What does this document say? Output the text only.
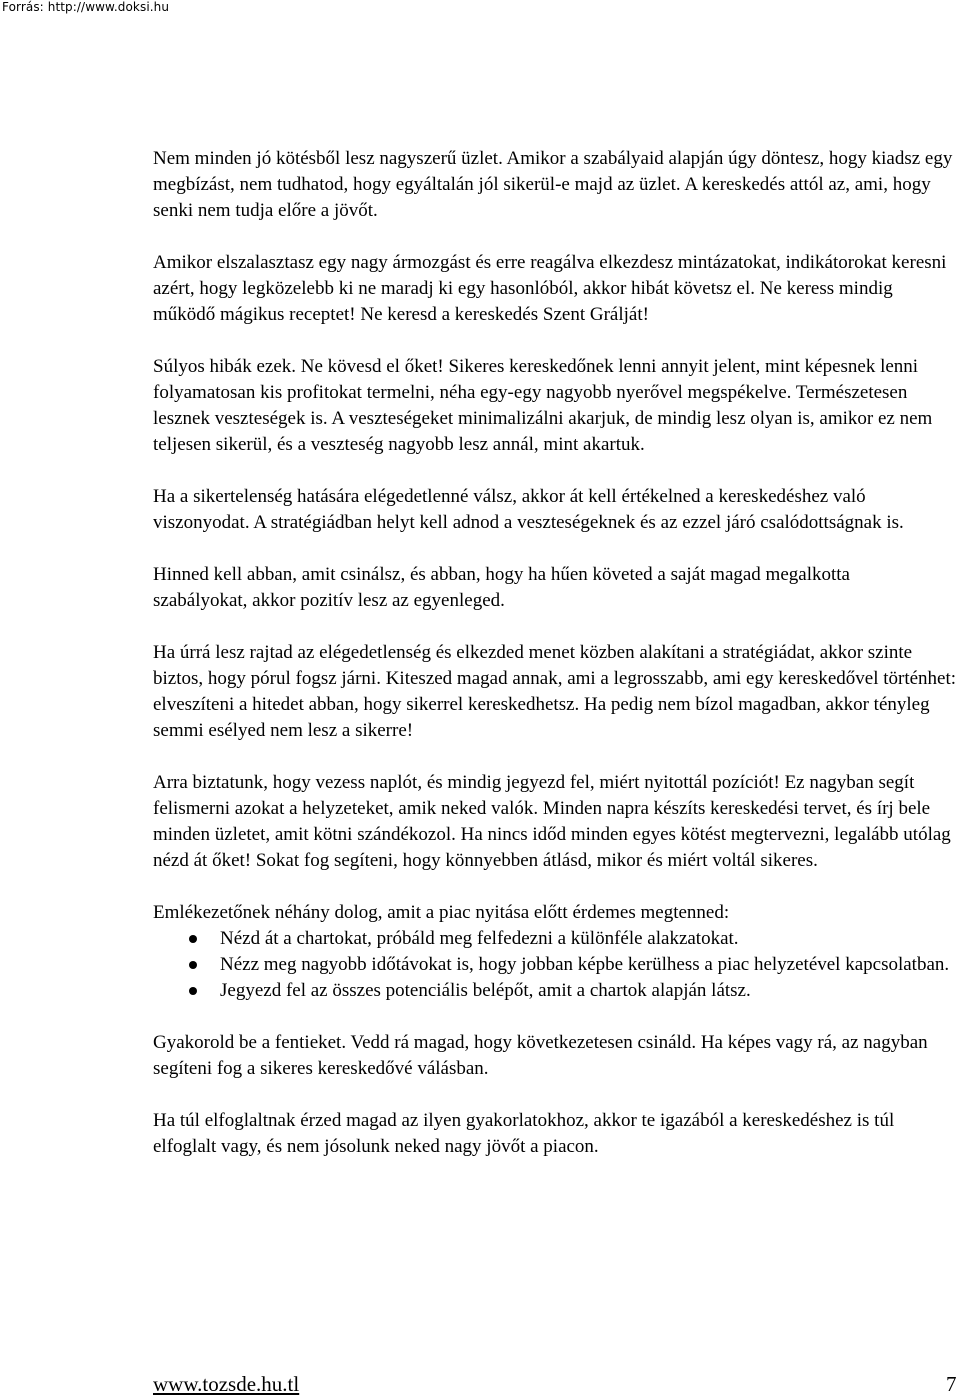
Forrás: http://www.doksi.hu

Nem minden jó kötésből lesz nagyszerű üzlet. Amikor a szabályaid alapján úgy döntesz, hogy kiadsz egy megbízást, nem tudhatod, hogy egyáltalán jól sikerül-e majd az üzlet. A kereskedés attól az, ami, hogy senki nem tudja előre a jövőt.

Amikor elszalasztasz egy nagy ármozgást és erre reagálva elkezdesz mintázatokat, indikátorokat keresni azért, hogy legközelebb ki ne maradj ki egy hasonlóból, akkor hibát követsz el. Ne keress mindig működő mágikus receptet! Ne keresd a kereskedés Szent Grálját!

Súlyos hibák ezek. Ne kövesd el őket! Sikeres kereskedőnek lenni annyit jelent, mint képesnek lenni folyamatosan kis profitokat termelni, néha egy-egy nagyobb nyerővel megspékelve. Természetesen lesznek veszteségek is. A veszteségeket minimalizálni akarjuk, de mindig lesz olyan is, amikor ez nem teljesen sikerül, és a veszteség nagyobb lesz annál, mint akartuk.

Ha a sikertelenség hatására elégedetlenné válsz, akkor át kell értékelned a kereskedéshez való viszonyodat. A stratégiádban helyt kell adnod a veszteségeknek és az ezzel járó csalódottságnak is.

Hinned kell abban, amit csinálsz, és abban, hogy ha hűen követed a saját magad megalkotta szabályokat, akkor pozitív lesz az egyenleged.

Ha úrrá lesz rajtad az elégedetlenség és elkezded menet közben alakítani a stratégiádat, akkor szinte biztos, hogy pórul fogsz járni. Kiteszed magad annak, ami a legrosszabb, ami egy kereskedővel történhet: elveszíteni a hitedet abban, hogy sikerrel kereskedhetsz. Ha pedig nem bízol magadban, akkor tényleg semmi esélyed nem lesz a sikerre!

Arra biztatunk, hogy vezess naplót, és mindig jegyezd fel, miért nyitottál pozíciót! Ez nagyban segít felismerni azokat a helyzeteket, amik neked valók. Minden napra készíts kereskedési tervet, és írj bele minden üzletet, amit kötni szándékozol. Ha nincs időd minden egyes kötést megtervezni, legalább utólag nézd át őket! Sokat fog segíteni, hogy könnyebben átlásd, mikor és miért voltál sikeres.

Emlékezetőnek néhány dolog, amit a piac nyitása előtt érdemes megtenned:

Nézd át a chartokat, próbáld meg felfedezni a különféle alakzatokat.
Nézz meg nagyobb időtávokat is, hogy jobban képbe kerülhess a piac helyzetével kapcsolatban.
Jegyezd fel az összes potenciális belépőt, amit a chartok alapján látsz.

Gyakorold be a fentieket. Vedd rá magad, hogy következetesen csináld. Ha képes vagy rá, az nagyban segíteni fog a sikeres kereskedővé válásban.

Ha túl elfoglaltnak érzed magad az ilyen gyakorlatokhoz, akkor te igazából a kereskedéshez is túl elfoglalt vagy, és nem jósolunk neked nagy jövőt a piacon.

www.tozsde.hu.tl	7
